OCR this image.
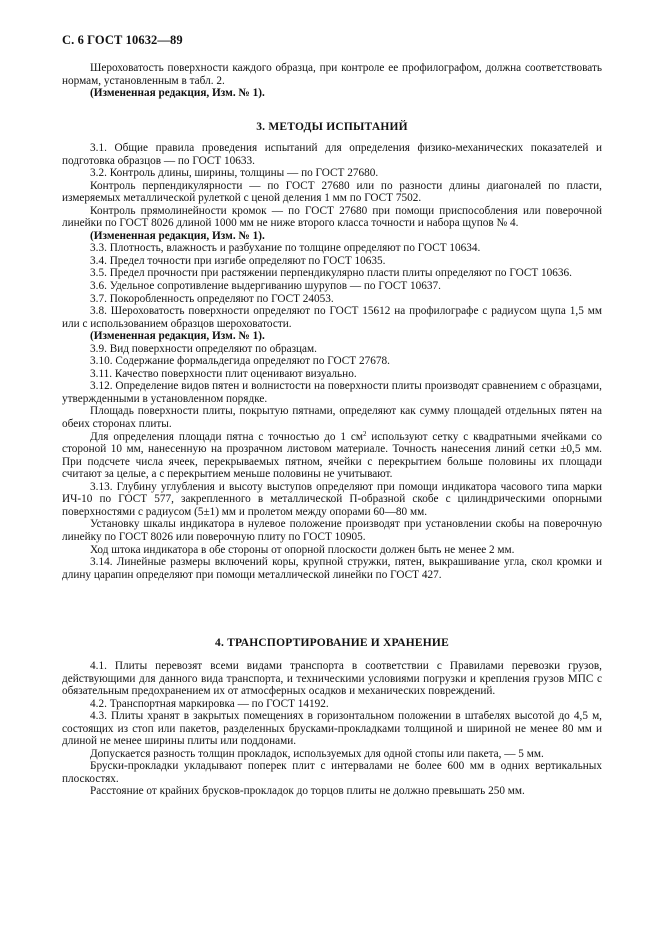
С. 6 ГОСТ 10632—89

Шероховатость поверхности каждого образца, при контроле ее профилографом, должна соответствовать нормам, установленным в табл. 2.

(Измененная редакция, Изм. № 1).

3. МЕТОДЫ ИСПЫТАНИЙ

3.1. Общие правила проведения испытаний для определения физико-механических показателей и подготовка образцов — по ГОСТ 10633.

3.2. Контроль длины, ширины, толщины — по ГОСТ 27680.

Контроль перпендикулярности — по ГОСТ 27680 или по разности длины диагоналей по пласти, измеряемых металлической рулеткой с ценой деления 1 мм по ГОСТ 7502.

Контроль прямолинейности кромок — по ГОСТ 27680 при помощи приспособления или поверочной линейки по ГОСТ 8026 длиной 1000 мм не ниже второго класса точности и набора щупов № 4.

(Измененная редакция, Изм. № 1).

3.3. Плотность, влажность и разбухание по толщине определяют по ГОСТ 10634.

3.4. Предел точности при изгибе определяют по ГОСТ 10635.

3.5. Предел прочности при растяжении перпендикулярно пласти плиты определяют по ГОСТ 10636.

3.6. Удельное сопротивление выдергиванию шурупов — по ГОСТ 10637.

3.7. Покоробленность определяют по ГОСТ 24053.

3.8. Шероховатость поверхности определяют по ГОСТ 15612 на профилографе с радиусом щупа 1,5 мм или с использованием образцов шероховатости.

(Измененная редакция, Изм. № 1).

3.9. Вид поверхности определяют по образцам.

3.10. Содержание формальдегида определяют по ГОСТ 27678.

3.11. Качество поверхности плит оценивают визуально.

3.12. Определение видов пятен и волнистости на поверхности плиты производят сравнением с образцами, утвержденными в установленном порядке.

Площадь поверхности плиты, покрытую пятнами, определяют как сумму площадей отдельных пятен на обеих сторонах плиты.

Для определения площади пятна с точностью до 1 $см^2$ используют сетку с квадратными ячейками со стороной 10 мм, нанесенную на прозрачном листовом материале. Точность нанесения линий сетки ±0,5 мм. При подсчете числа ячеек, перекрываемых пятном, ячейки с перекрытием больше половины их площади считают за целые, а с перекрытием меньше половины не учитывают.

3.13. Глубину углубления и высоту выступов определяют при помощи индикатора часового типа марки ИЧ-10 по ГОСТ 577, закрепленного в металлической П-образной скобе с цилиндрическими опорными поверхностями с радиусом (5±1) мм и пролетом между опорами 60—80 мм.

Установку шкалы индикатора в нулевое положение производят при установлении скобы на поверочную линейку по ГОСТ 8026 или поверочную плиту по ГОСТ 10905.

Ход штока индикатора в обе стороны от опорной плоскости должен быть не менее 2 мм.

3.14. Линейные размеры включений коры, крупной стружки, пятен, выкрашивание угла, скол кромки и длину царапин определяют при помощи металлической линейки по ГОСТ 427.

4. ТРАНСПОРТИРОВАНИЕ И ХРАНЕНИЕ

4.1. Плиты перевозят всеми видами транспорта в соответствии с Правилами перевозки грузов, действующими для данного вида транспорта, и техническими условиями погрузки и крепления грузов МПС с обязательным предохранением их от атмосферных осадков и механических повреждений.

4.2. Транспортная маркировка — по ГОСТ 14192.

4.3. Плиты хранят в закрытых помещениях в горизонтальном положении в штабелях высотой до 4,5 м, состоящих из стоп или пакетов, разделенных брусками-прокладками толщиной и шириной не менее 80 мм и длиной не менее ширины плиты или поддонами.

Допускается разность толщин прокладок, используемых для одной стопы или пакета, — 5 мм.

Бруски-прокладки укладывают поперек плит с интервалами не более 600 мм в одних вертикальных плоскостях.

Расстояние от крайних брусков-прокладок до торцов плиты не должно превышать 250 мм.
